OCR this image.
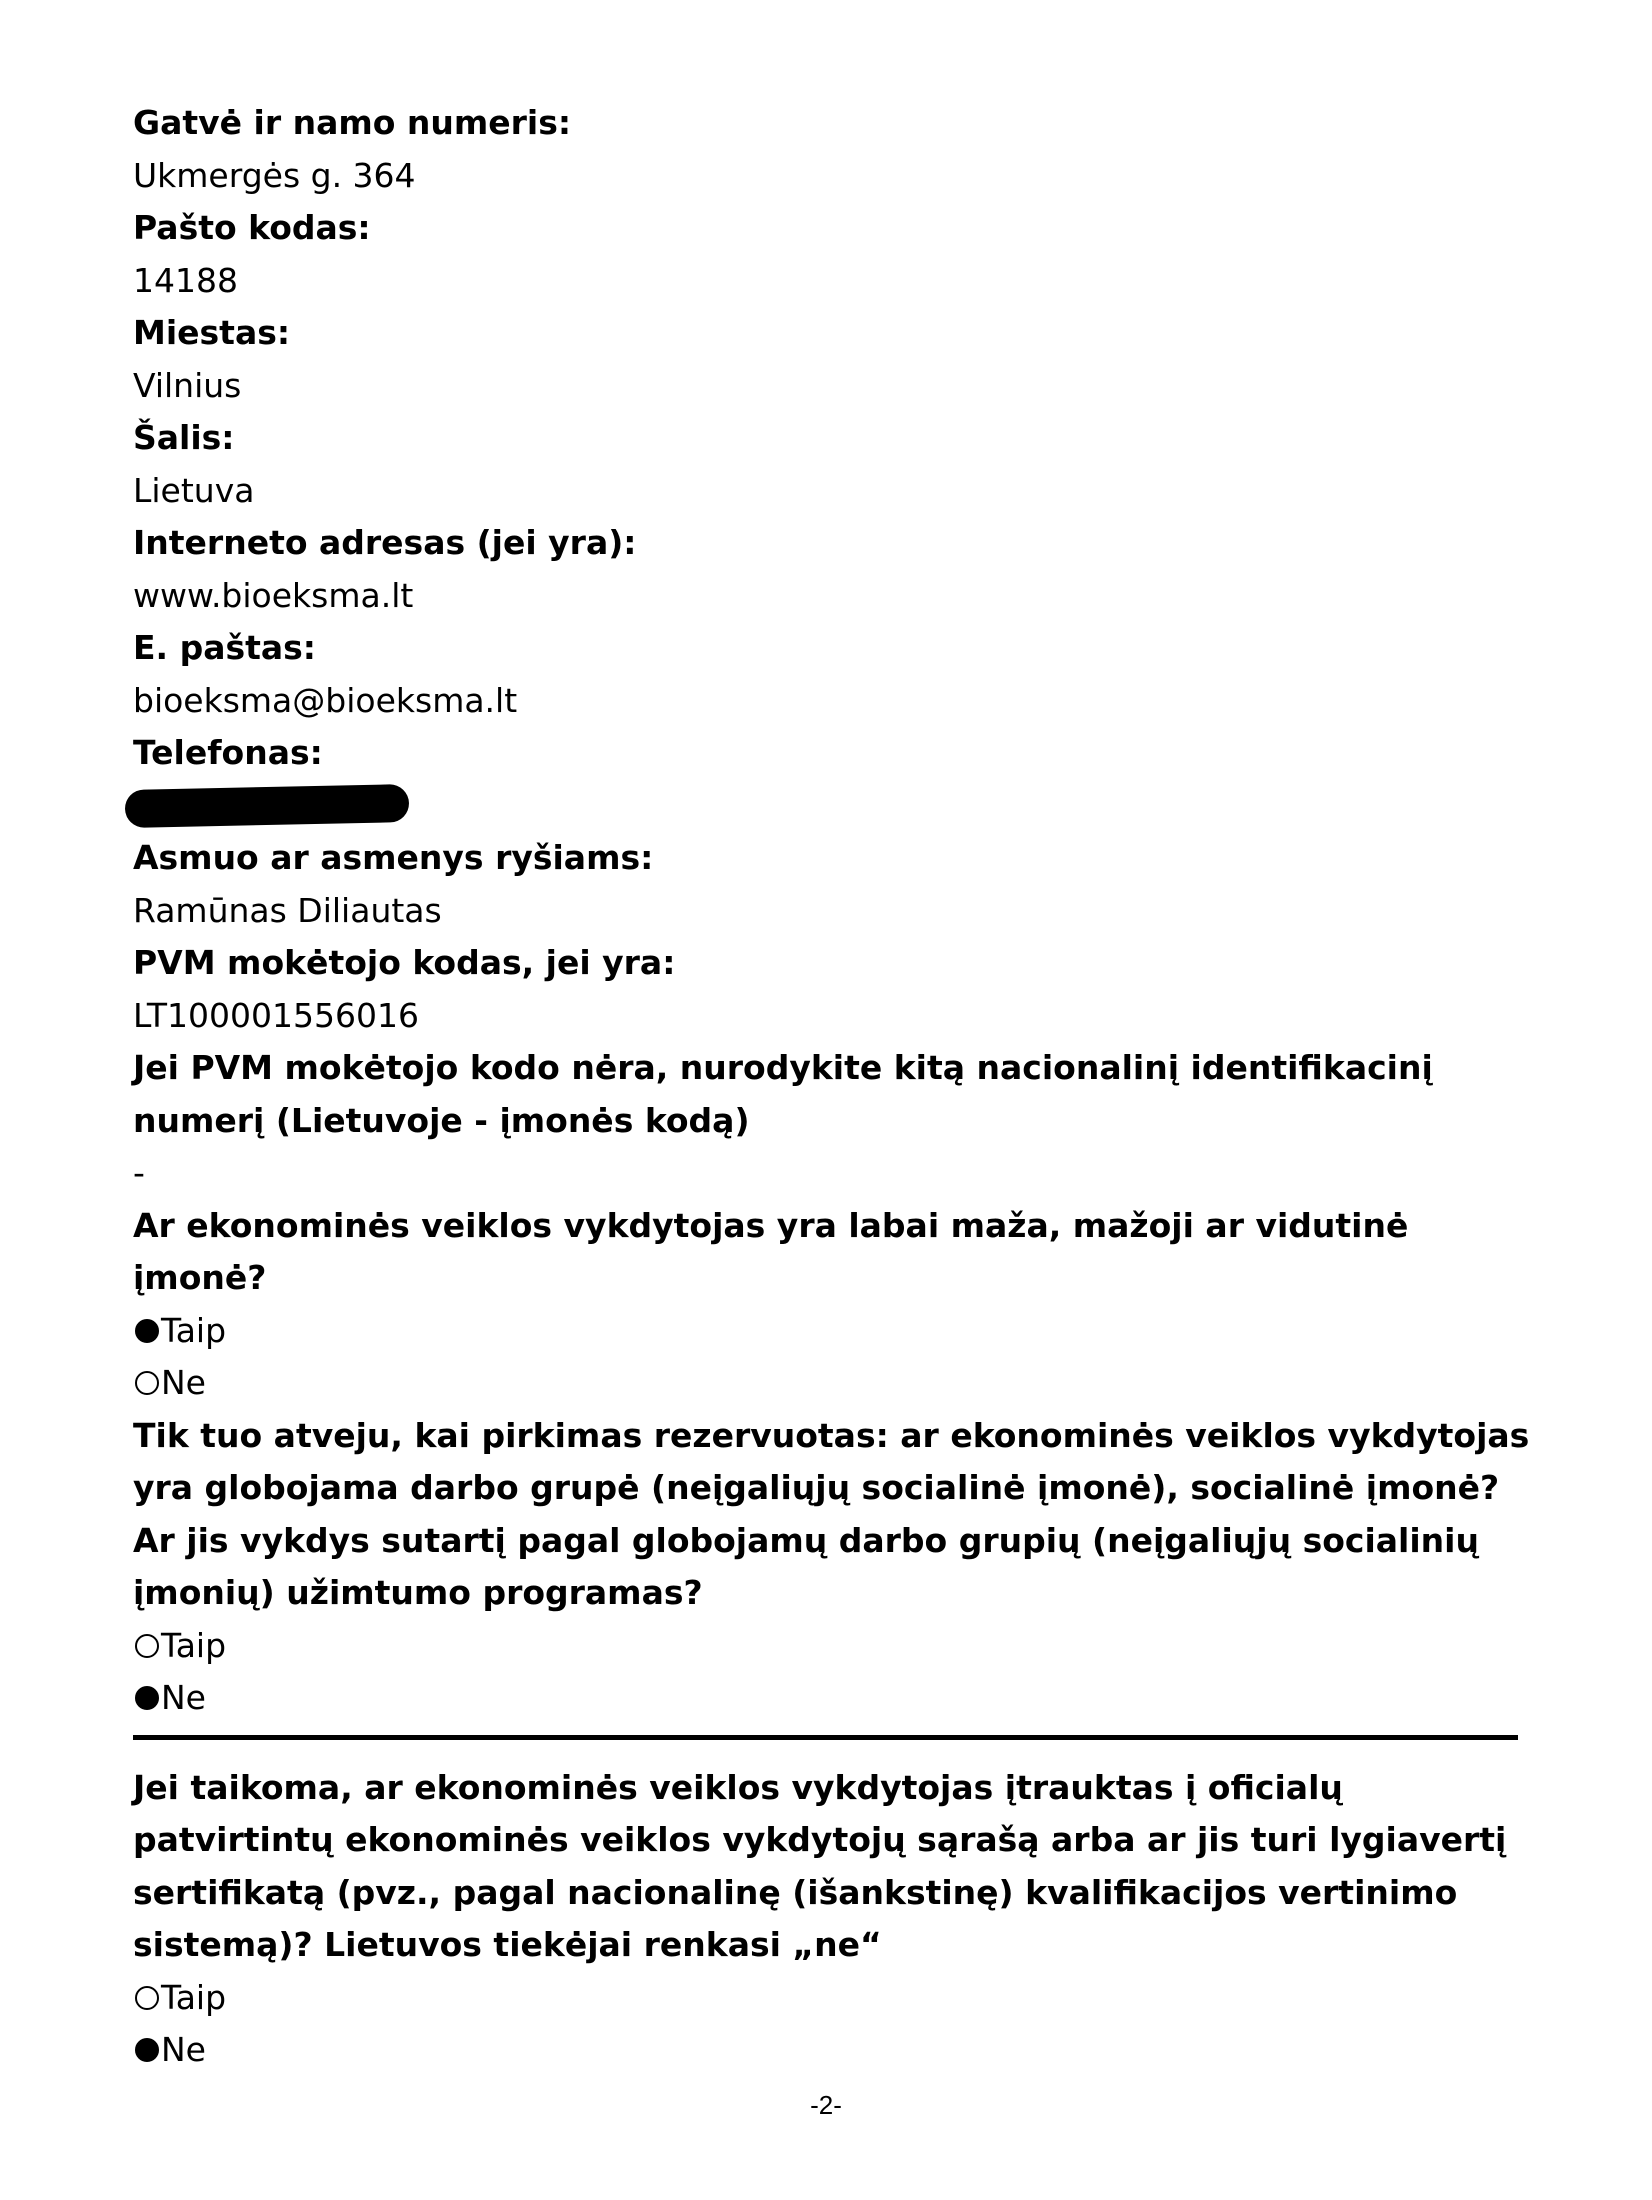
Gatvė ir namo numeris:
Ukmergės g. 364
Pašto kodas:
14188
Miestas:
Vilnius
Šalis:
Lietuva
Interneto adresas (jei yra):
www.bioeksma.lt
E. paštas:
bioeksma@bioeksma.lt
Telefonas:
Asmuo ar asmenys ryšiams:
Ramūnas Diliautas
PVM mokėtojo kodas, jei yra:
LT100001556016
Jei PVM mokėtojo kodo nėra, nurodykite kitą nacionalinį identifikacinį numerį (Lietuvoje - įmonės kodą)
-
Ar ekonominės veiklos vykdytojas yra labai maža, mažoji ar vidutinė įmonė?
Taip
Ne
Tik tuo atveju, kai pirkimas rezervuotas: ar ekonominės veiklos vykdytojas yra globojama darbo grupė (neįgaliųjų socialinė įmonė), socialinė įmonė? Ar jis vykdys sutartį pagal globojamų darbo grupių (neįgaliųjų socialinių įmonių) užimtumo programas?
Taip
Ne
Jei taikoma, ar ekonominės veiklos vykdytojas įtrauktas į oficialų patvirtintų ekonominės veiklos vykdytojų sąrašą arba ar jis turi lygiavertį sertifikatą (pvz., pagal nacionalinę (išankstinę) kvalifikacijos vertinimo sistemą)? Lietuvos tiekėjai renkasi „ne“
Taip
Ne
-2-
